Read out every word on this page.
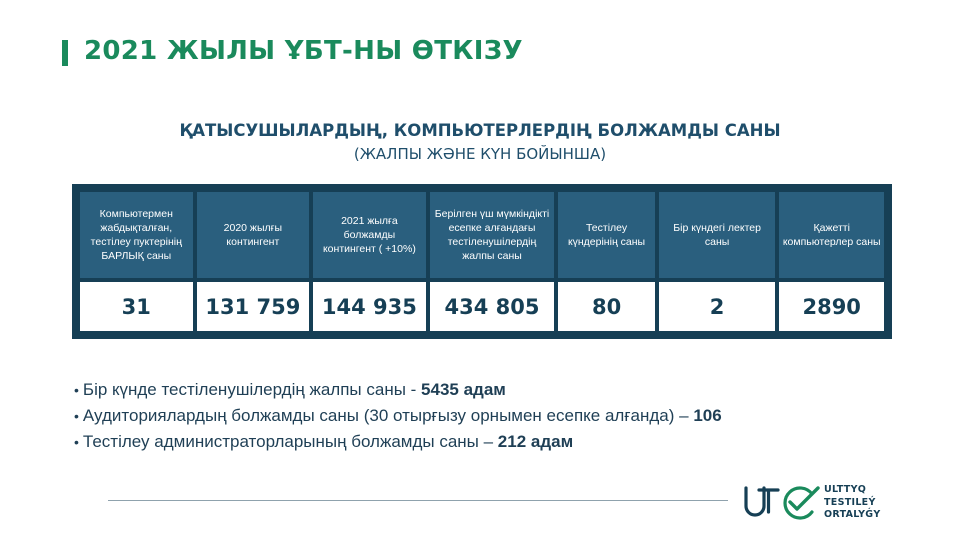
2021 ЖЫЛЫ ҰБТ-НЫ ӨТКІЗУ
ҚАТЫСУШЫЛАРДЫҢ, КОМПЬЮТЕРЛЕРДІҢ БОЛЖАМДЫ САНЫ
(ЖАЛПЫ ЖӘНЕ КҮН БОЙЫНША)
Компьютермен жабдықталған, тестілеу пуктерінің БАРЛЫҚ саны	2020 жылғы контингент	2021 жылға болжамды контингент ( +10%)	Берілген үш мүмкіндікті есепке алғандағы тестіленушілердің жалпы саны	Тестілеу күндерінің саны	Бір күндегі лектер саны	Қажетті компьютерлер саны
31	131 759	144 935	434 805	80	2	2890
• Бір күнде тестіленушілердің жалпы саны - 5435 адам
• Аудиториялардың болжамды саны (30 отырғызу орнымен есепке алғанда) – 106
• Тестілеу администраторларының болжамды саны – 212 адам
ULTTYQ
TESTILEÝ
ORTALYǴY
